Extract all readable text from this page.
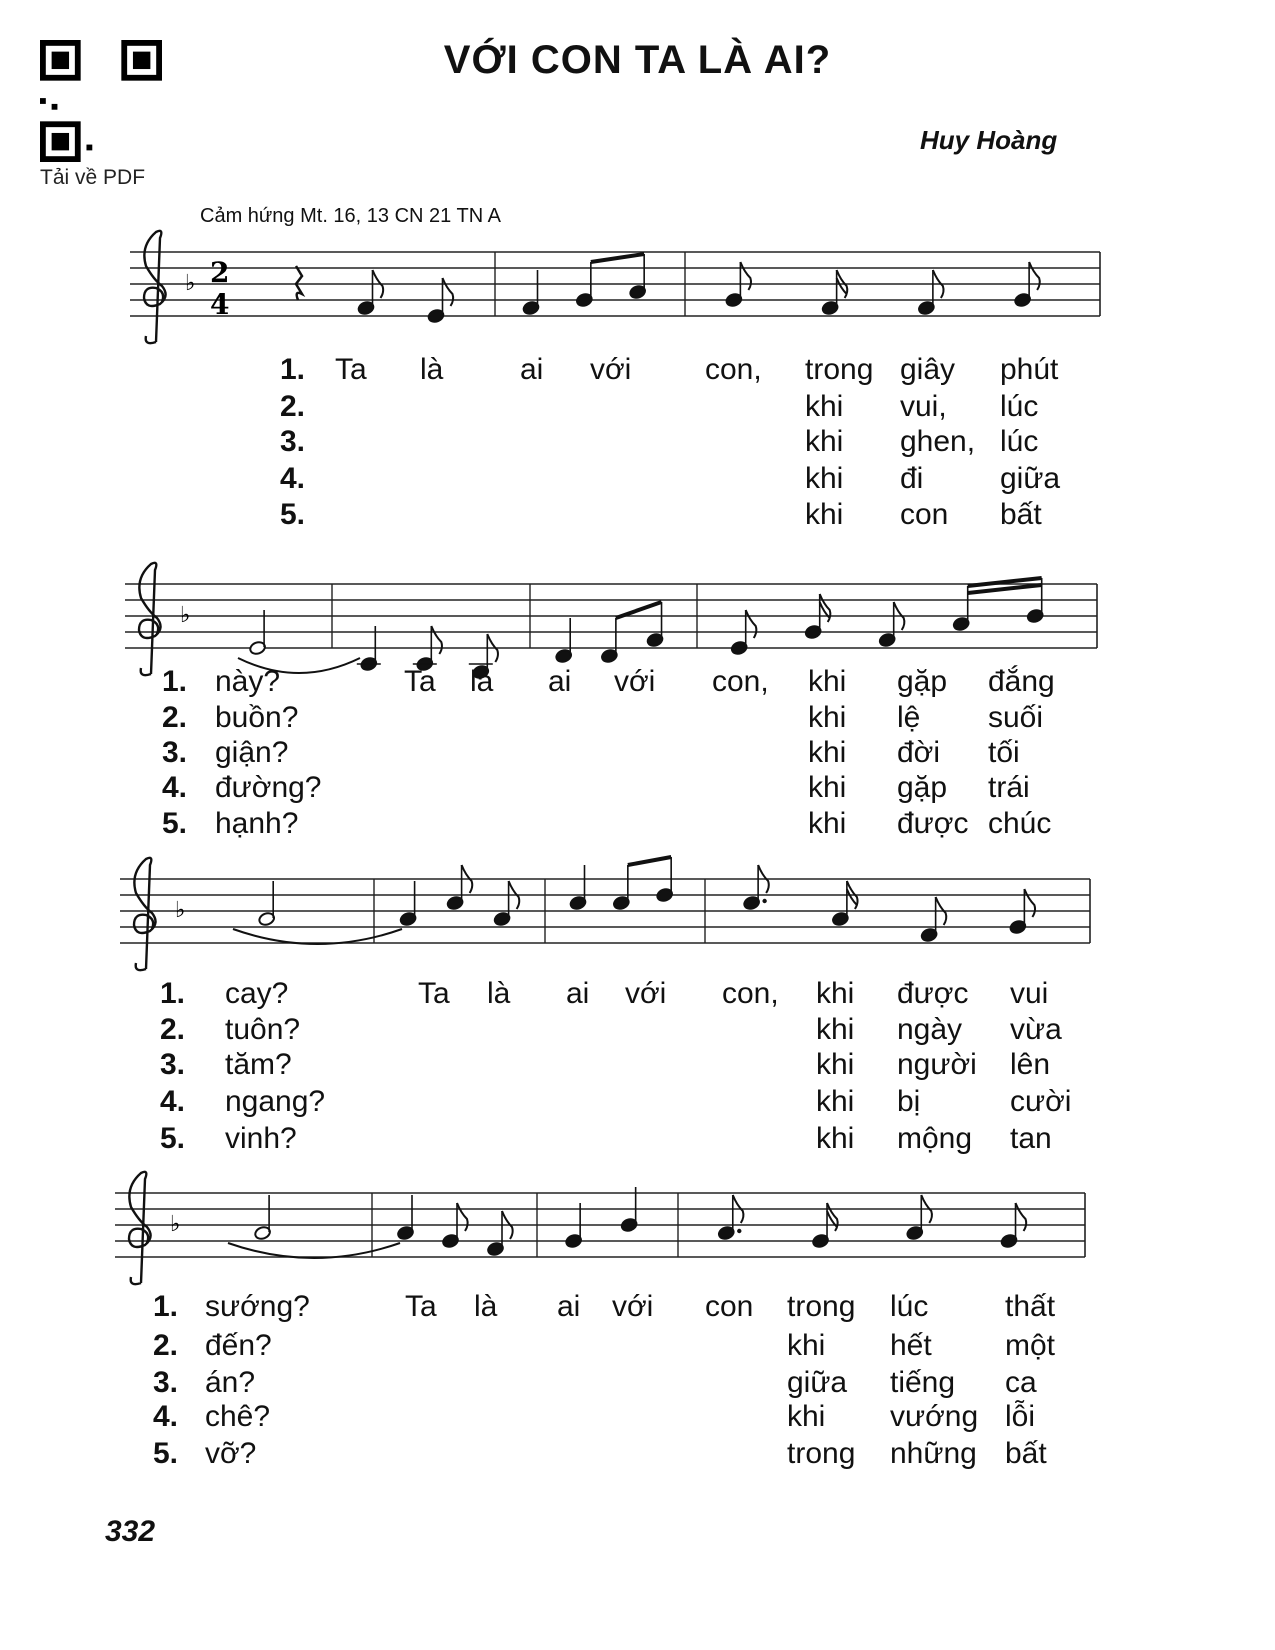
Tải về PDF
VỚI CON TA LÀ AI?
Huy Hoàng
Cảm hứng Mt. 16, 13 CN 21 TN A
♭ 2
4
♭
♭
♭
1. Ta là	ai với con, trong giây phút
2.	khi vui, lúc
3.	khi ghen, lúc
4.	khi đi	giữa
5.	khi con bất
1. này?	Ta là ai với con, khi gặp đắng
2. buồn?	khi lệ suối
3. giận?	khi đời tối
4. đường?	khi gặp trái
5. hạnh?	khi được chúc
1. cay?	Ta là ai với con, khi được vui
2. tuôn?	khi ngày vừa
3. tăm?	khi người lên
4. ngang?	khi bị	cười
5. vinh?	khi mộng tan
1. sướng?	Ta là ai với con trong lúc	thất
2. đến?	khi hết một
3. án?	giữa tiếng ca
4. chê?	khi vướng lỗi
5. vỡ?	trong những bất
332
